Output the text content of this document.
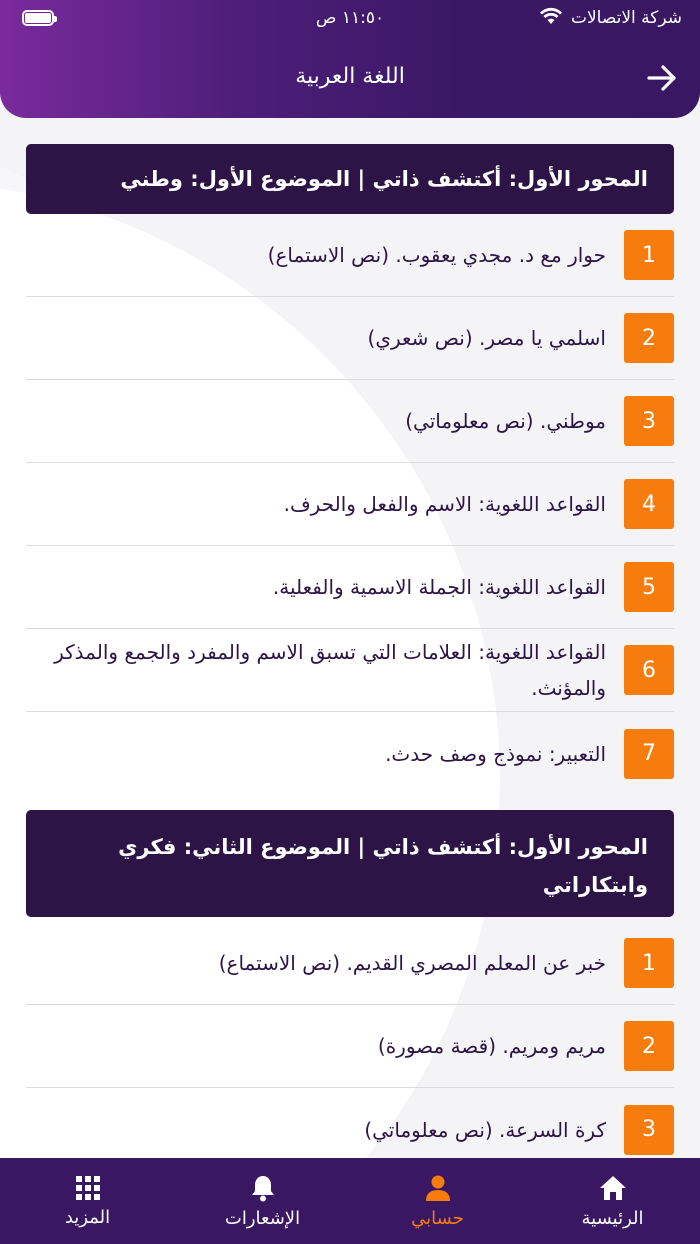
شركة الاتصالات
١١:٥٠ ص
اللغة العربية
المحور الأول: أكتشف ذاتي | الموضوع الأول: وطني
1
حوار مع د. مجدي يعقوب. (نص الاستماع)
2
اسلمي يا مصر. (نص شعري)
3
موطني. (نص معلوماتي)
4
القواعد اللغوية: الاسم والفعل والحرف.
5
القواعد اللغوية: الجملة الاسمية والفعلية.
6
القواعد اللغوية: العلامات التي تسبق الاسم والمفرد والجمع والمذكر والمؤنث.
7
التعبير: نموذج وصف حدث.
المحور الأول: أكتشف ذاتي | الموضوع الثاني: فكري وابتكاراتي
1
خبر عن المعلم المصري القديم. (نص الاستماع)
2
مريم ومريم. (قصة مصورة)
3
كرة السرعة. (نص معلوماتي)
الرئيسية
حسابي
الإشعارات
المزيد
